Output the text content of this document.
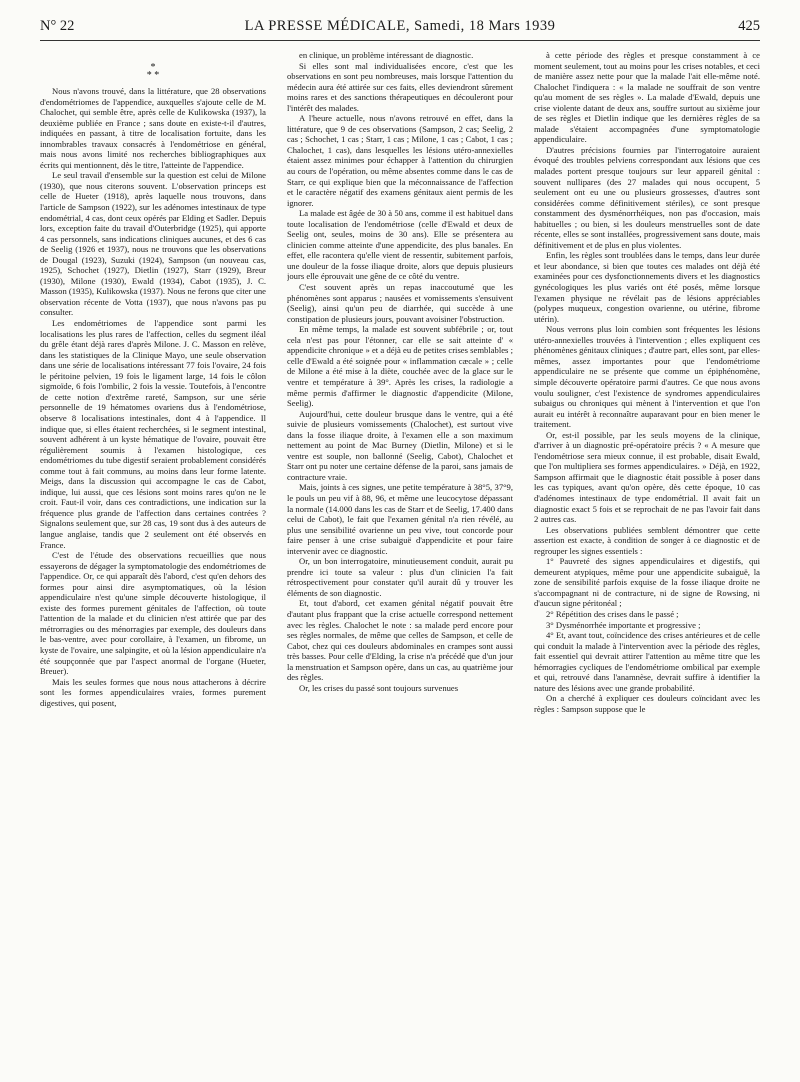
N° 22	LA PRESSE MÉDICALE, Samedi, 18 Mars 1939	425
*
* *

Nous n'avons trouvé, dans la littérature, que 28 observations d'endométriomes de l'appendice, auxquelles s'ajoute celle de M. Chalochet, qui semble être, après celle de Kulikowska (1937), la deuxième publiée en France ; sans doute en existe-t-il d'autres, indiquées en passant, à titre de localisation fortuite, dans les innombrables travaux consacrés à l'endométriose en général, mais nous avons limité nos recherches bibliographiques aux écrits qui mentionnent, dès le titre, l'atteinte de l'appendice.

Le seul travail d'ensemble sur la question est celui de Milone (1930), que nous citerons souvent. L'observation princeps est celle de Hueter (1918), après laquelle nous trouvons, dans l'article de Sampson (1922), sur les adénomes intestinaux de type endométrial, 4 cas, dont ceux opérés par Elding et Sadler. Depuis lors, exception faite du travail d'Outerbridge (1925), qui apporte 4 cas personnels, sans indications cliniques aucunes, et des 6 cas de Seelig (1926 et 1937), nous ne trouvons que les observations de Dougal (1923), Suzuki (1924), Sampson (un nouveau cas, 1925), Schochet (1927), Dietlin (1927), Starr (1929), Breur (1930), Milone (1930), Ewald (1934), Cabot (1935), J. C. Masson (1935), Kulikowska (1937). Nous ne ferons que citer une observation récente de Votta (1937), que nous n'avons pas pu consulter.

Les endométriomes de l'appendice sont parmi les localisations les plus rares de l'affection, celles du segment iléal du grêle étant déjà rares d'après Milone. J. C. Masson en relève, dans les statistiques de la Clinique Mayo, une seule observation dans une série de localisations intéressant 77 fois l'ovaire, 24 fois le péritoine pelvien, 19 fois le ligament large, 14 fois le côlon sigmoïde, 6 fois l'ombilic, 2 fois la vessie. Toutefois, à l'encontre de cette notion d'extrême rareté, Sampson, sur une série personnelle de 19 hématomes ovariens dus à l'endométriose, observe 8 localisations intestinales, dont 4 à l'appendice. Il indique que, si elles étaient recherchées, si le segment intestinal, souvent adhérent à un kyste hématique de l'ovaire, pouvait être régulièrement soumis à l'examen histologique, ces endométriomes du tube digestif seraient probablement considérés comme tout à fait communs, au moins dans leur forme latente. Meigs, dans la discussion qui accompagne le cas de Cabot, indique, lui aussi, que ces lésions sont moins rares qu'on ne le croit. Faut-il voir, dans ces contradictions, une indication sur la fréquence plus grande de l'affection dans certaines contrées ? Signalons seulement que, sur 28 cas, 19 sont dus à des auteurs de langue anglaise, tandis que 2 seulement ont été observés en France.

C'est de l'étude des observations recueillies que nous essayerons de dégager la symptomatologie des endométriomes de l'appendice. Or, ce qui apparaît dès l'abord, c'est qu'en dehors des formes pour ainsi dire asymptomatiques, où la lésion appendiculaire n'est qu'une simple découverte histologique, il existe des formes purement génitales de l'affection, où toute l'attention de la malade et du clinicien n'est attirée que par des métrorragies ou des ménorragies par exemple, des douleurs dans le bas-ventre, avec pour corollaire, à l'examen, un fibrome, un kyste de l'ovaire, une salpingite, et où la lésion appendiculaire n'a été soupçonnée que par l'aspect anormal de l'organe (Hueter, Breuer).

Mais les seules formes que nous nous attacherons à décrire sont les formes appendiculaires vraies, formes purement digestives, qui posent,

en clinique, un problème intéressant de diagnostic.

Si elles sont mal individualisées encore, c'est que les observations en sont peu nombreuses, mais lorsque l'attention du médecin aura été attirée sur ces faits, elles deviendront sûrement moins rares et des sanctions thérapeutiques en découleront pour l'intérêt des malades.

A l'heure actuelle, nous n'avons retrouvé en effet, dans la littérature, que 9 de ces observations (Sampson, 2 cas; Seelig, 2 cas ; Schochet, 1 cas ; Starr, 1 cas ; Milone, 1 cas ; Cabot, 1 cas ; Chalochet, 1 cas), dans lesquelles les lésions utéro-annexielles étaient assez minimes pour échapper à l'attention du chirurgien au cours de l'opération, ou même absentes comme dans le cas de Starr, ce qui explique bien que la méconnaissance de l'affection et le caractère négatif des examens génitaux aient permis de les ignorer.

La malade est âgée de 30 à 50 ans, comme il est habituel dans toute localisation de l'endométriose (celle d'Ewald et deux de Seelig ont, seules, moins de 30 ans). Elle se présentera au clinicien comme atteinte d'une appendicite, des plus banales. En effet, elle racontera qu'elle vient de ressentir, subitement parfois, une douleur de la fosse iliaque droite, alors que depuis plusieurs jours elle éprouvait une gêne de ce côté du ventre.

C'est souvent après un repas inaccoutumé que les phénomènes sont apparus ; nausées et vomissements s'ensuivent (Seelig), ainsi qu'un peu de diarrhée, qui succède à une constipation de plusieurs jours, pouvant avoisiner l'obstruction.

En même temps, la malade est souvent subfébrile ; or, tout cela n'est pas pour l'étonner, car elle se sait atteinte d' « appendicite chronique » et a déjà eu de petites crises semblables ; celle d'Ewald a été soignée pour « inflammation cæcale » ; celle de Milone a été mise à la diète, couchée avec de la glace sur le ventre et température à 39°. Après les crises, la radiologie a même permis d'affirmer le diagnostic d'appendicite (Milone, Seelig).

Aujourd'hui, cette douleur brusque dans le ventre, qui a été suivie de plusieurs vomissements (Chalochet), est surtout vive dans la fosse iliaque droite, à l'examen elle a son maximum nettement au point de Mac Burney (Dietlin, Milone) et si le ventre est souple, non ballonné (Seelig, Cabot), Chalochet et Starr ont pu noter une certaine défense de la paroi, sans jamais de contracture vraie.

Mais, joints à ces signes, une petite température à 38°5, 37°9, le pouls un peu vif à 88, 96, et même une leucocytose dépassant la normale (14.000 dans les cas de Starr et de Seelig, 17.400 dans celui de Cabot), le fait que l'examen génital n'a rien révélé, au plus une sensibilité ovarienne un peu vive, tout concorde pour faire penser à une crise subaiguë d'appendicite et pour faire intervenir avec ce diagnostic.

Or, un bon interrogatoire, minutieusement conduit, aurait pu prendre ici toute sa valeur : plus d'un clinicien l'a fait rétrospectivement pour constater qu'il aurait dû y trouver les éléments de son diagnostic.

Et, tout d'abord, cet examen génital négatif pouvait être d'autant plus frappant que la crise actuelle correspond nettement avec les règles. Chalochet le note : sa malade perd encore pour ses règles normales, de même que celles de Sampson, et celle de Cabot, chez qui ces douleurs abdominales en crampes sont aussi très basses. Pour celle d'Elding, la crise n'a précédé que d'un jour la menstruation et Sampson opère, dans un cas, au quatrième jour des règles.

Or, les crises du passé sont toujours survenues

à cette période des règles et presque constamment à ce moment seulement, tout au moins pour les crises notables, et ceci de manière assez nette pour que la malade l'ait elle-même noté. Chalochet l'indiquera : « la malade ne souffrait de son ventre qu'au moment de ses règles ». La malade d'Ewald, depuis une crise violente datant de deux ans, souffre surtout au sixième jour de ses règles et Dietlin indique que les dernières règles de sa malade s'étaient accompagnées d'une symptomatologie appendiculaire.

D'autres précisions fournies par l'interrogatoire auraient évoqué des troubles pelviens correspondant aux lésions que ces malades portent presque toujours sur leur appareil génital : souvent nullipares (des 27 malades qui nous occupent, 5 seulement ont eu une ou plusieurs grossesses, d'autres sont considérées comme définitivement stériles), ce sont presque constamment des dysménorrhéiques, non pas d'occasion, mais habituelles ; ou bien, si les douleurs menstruelles sont de date récente, elles se sont installées, progressivement sans doute, mais définitivement et de plus en plus violentes.

Enfin, les règles sont troublées dans le temps, dans leur durée et leur abondance, si bien que toutes ces malades ont déjà été examinées pour ces dysfonctionnements divers et les diagnostics gynécologiques les plus variés ont été posés, même lorsque l'examen physique ne révélait pas de lésions appréciables (polypes muqueux, congestion ovarienne, ou utérine, fibrome utérin).

Nous verrons plus loin combien sont fréquentes les lésions utéro-annexielles trouvées à l'intervention ; elles expliquent ces phénomènes génitaux cliniques ; d'autre part, elles sont, par elles-mêmes, assez importantes pour que l'endométriome appendiculaire ne se présente que comme un épiphénomène, simple découverte opératoire parmi d'autres. Ce que nous avons voulu souligner, c'est l'existence de syndromes appendiculaires subaigus ou chroniques qui mènent à l'intervention et que l'on aurait eu intérêt à reconnaître auparavant pour en bien mener le traitement.

Or, est-il possible, par les seuls moyens de la clinique, d'arriver à un diagnostic pré-opératoire précis ? « A mesure que l'endométriose sera mieux connue, il est probable, disait Ewald, que l'on multipliera ses formes appendiculaires. » Déjà, en 1922, Sampson affirmait que le diagnostic était possible à poser dans les cas typiques, avant qu'on opère, dès cette époque, 10 cas d'adénomes intestinaux de type endométrial. Il avait fait un diagnostic exact 5 fois et se reprochait de ne pas l'avoir fait dans 2 autres cas.

Les observations publiées semblent démontrer que cette assertion est exacte, à condition de songer à ce diagnostic et de regrouper les signes essentiels :

1° Pauvreté des signes appendiculaires et digestifs, qui demeurent atypiques, même pour une appendicite subaiguë, la zone de sensibilité parfois exquise de la fosse iliaque droite ne s'accompagnant ni de contracture, ni de signe de Rowsing, ni d'aucun signe péritonéal ;

2° Répétition des crises dans le passé ;

3° Dysménorrhée importante et progressive ;

4° Et, avant tout, coïncidence des crises antérieures et de celle qui conduit la malade à l'intervention avec la période des règles, fait essentiel qui devrait attirer l'attention au même titre que les hémorragies cycliques de l'endométriome ombilical par exemple et qui, retrouvé dans l'anamnèse, devrait suffire à identifier la nature des lésions avec une grande probabilité.

On a cherché à expliquer ces douleurs coïncidant avec les règles : Sampson suppose que le
